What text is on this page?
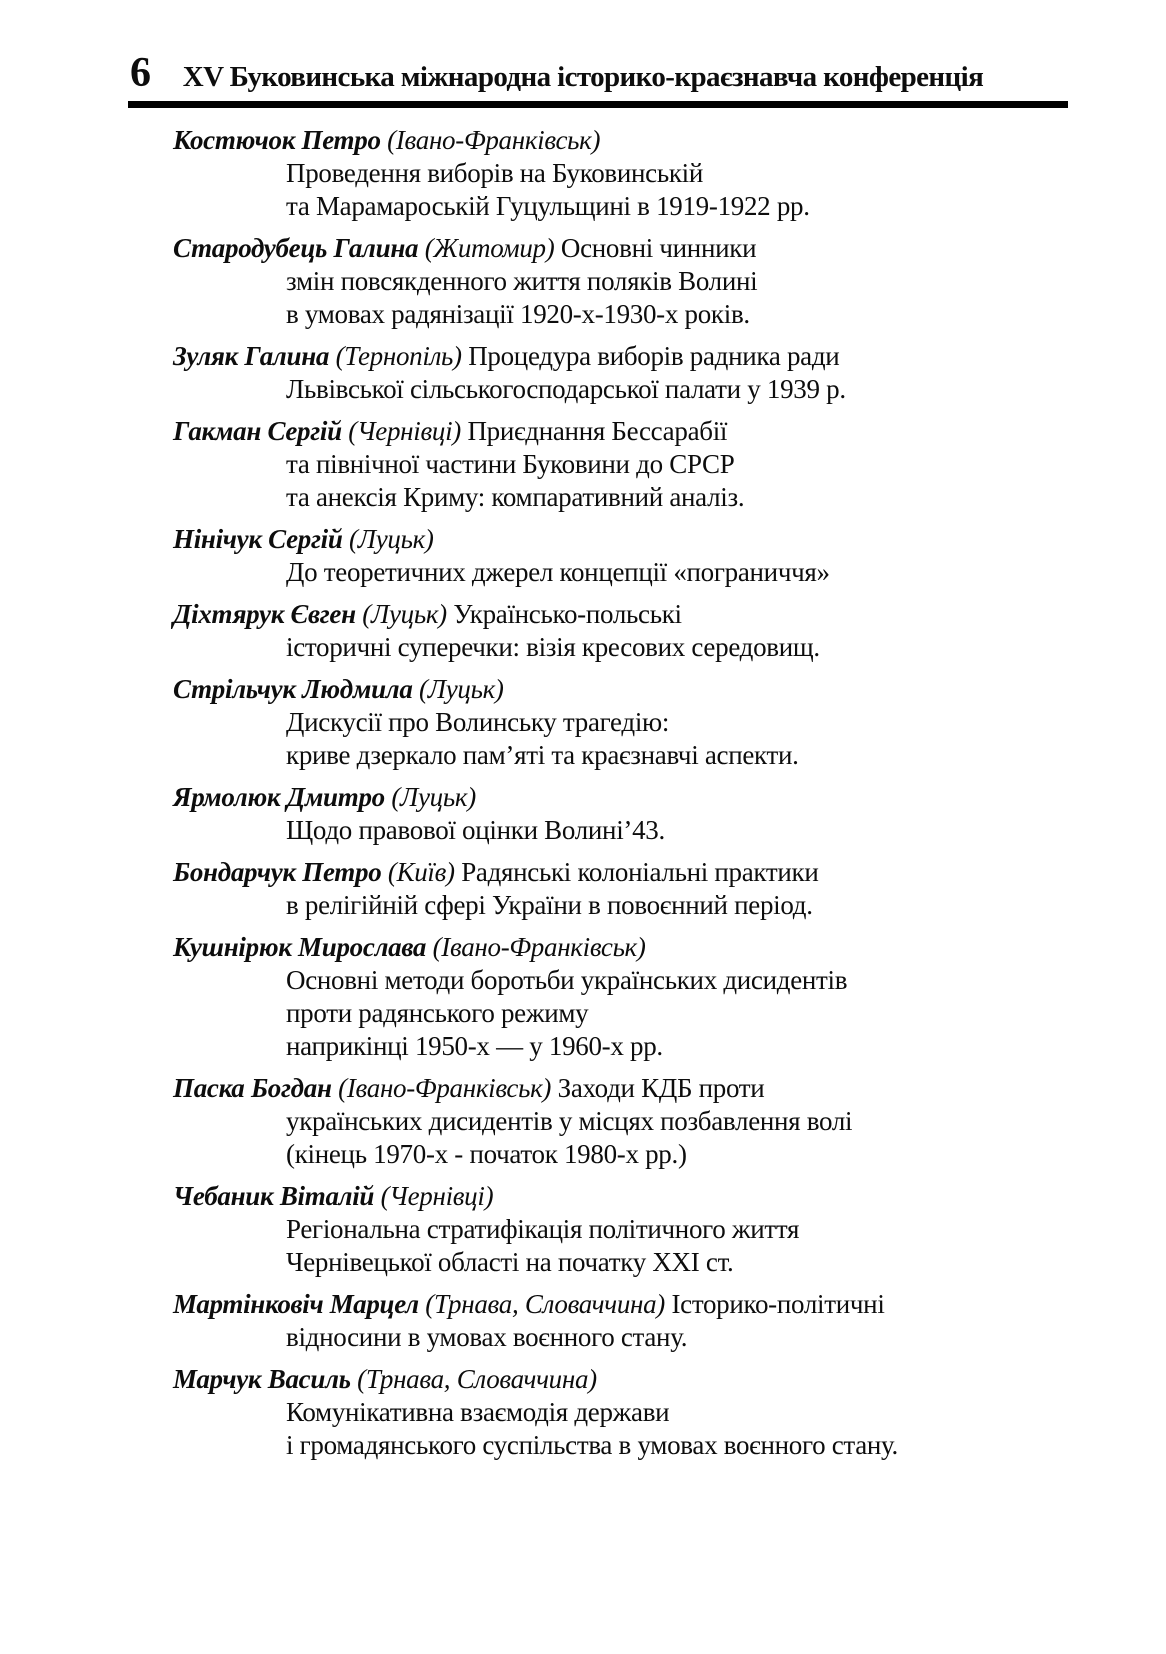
6	XV Буковинська міжнародна історико-краєзнавча конференція

Костючок Петро (Івано-Франківськ)

Проведення виборів на Буковинській

та Марамароській Гуцульщині в 1919-1922 рр.

Стародубець Галина (Житомир) Основні чинники

змін повсякденного життя поляків Волині

в умовах радянізації 1920-х-1930-х років.

Зуляк Галина (Тернопіль) Процедура виборів радника ради

Львівської сільськогосподарської палати у 1939 р.

Гакман Сергій (Чернівці) Приєднання Бессарабії

та північної частини Буковини до СРСР

та анексія Криму: компаративний аналіз.

Нінічук Сергій (Луцьк)

До теоретичних джерел концепції «пограниччя»

Діхтярук Євген (Луцьк) Українсько-польські

історичні суперечки: візія кресових середовищ.

Стрільчук Людмила (Луцьк)

Дискусії про Волинську трагедію:

криве дзеркало пам’яті та краєзнавчі аспекти.

Ярмолюк Дмитро (Луцьк)

Щодо правової оцінки Волині’43.

Бондарчук Петро (Київ) Радянські колоніальні практики

в релігійній сфері України в повоєнний період.

Кушнірюк Мирослава (Івано-Франківськ)

Основні методи боротьби українських дисидентів

проти радянського режиму

наприкінці 1950-х — у 1960-х рр.

Паска Богдан (Івано-Франківськ) Заходи КДБ проти

українських дисидентів у місцях позбавлення волі

(кінець 1970-х - початок 1980-х рр.)

Чебаник Віталій (Чернівці)

Регіональна стратифікація політичного життя

Чернівецької області на початку XXI ст.

Мартінковіч Марцел (Трнава, Словаччина) Історико-політичні

відносини в умовах воєнного стану.

Марчук Василь (Трнава, Словаччина)

Комунікативна взаємодія держави

і громадянського суспільства в умовах воєнного стану.
